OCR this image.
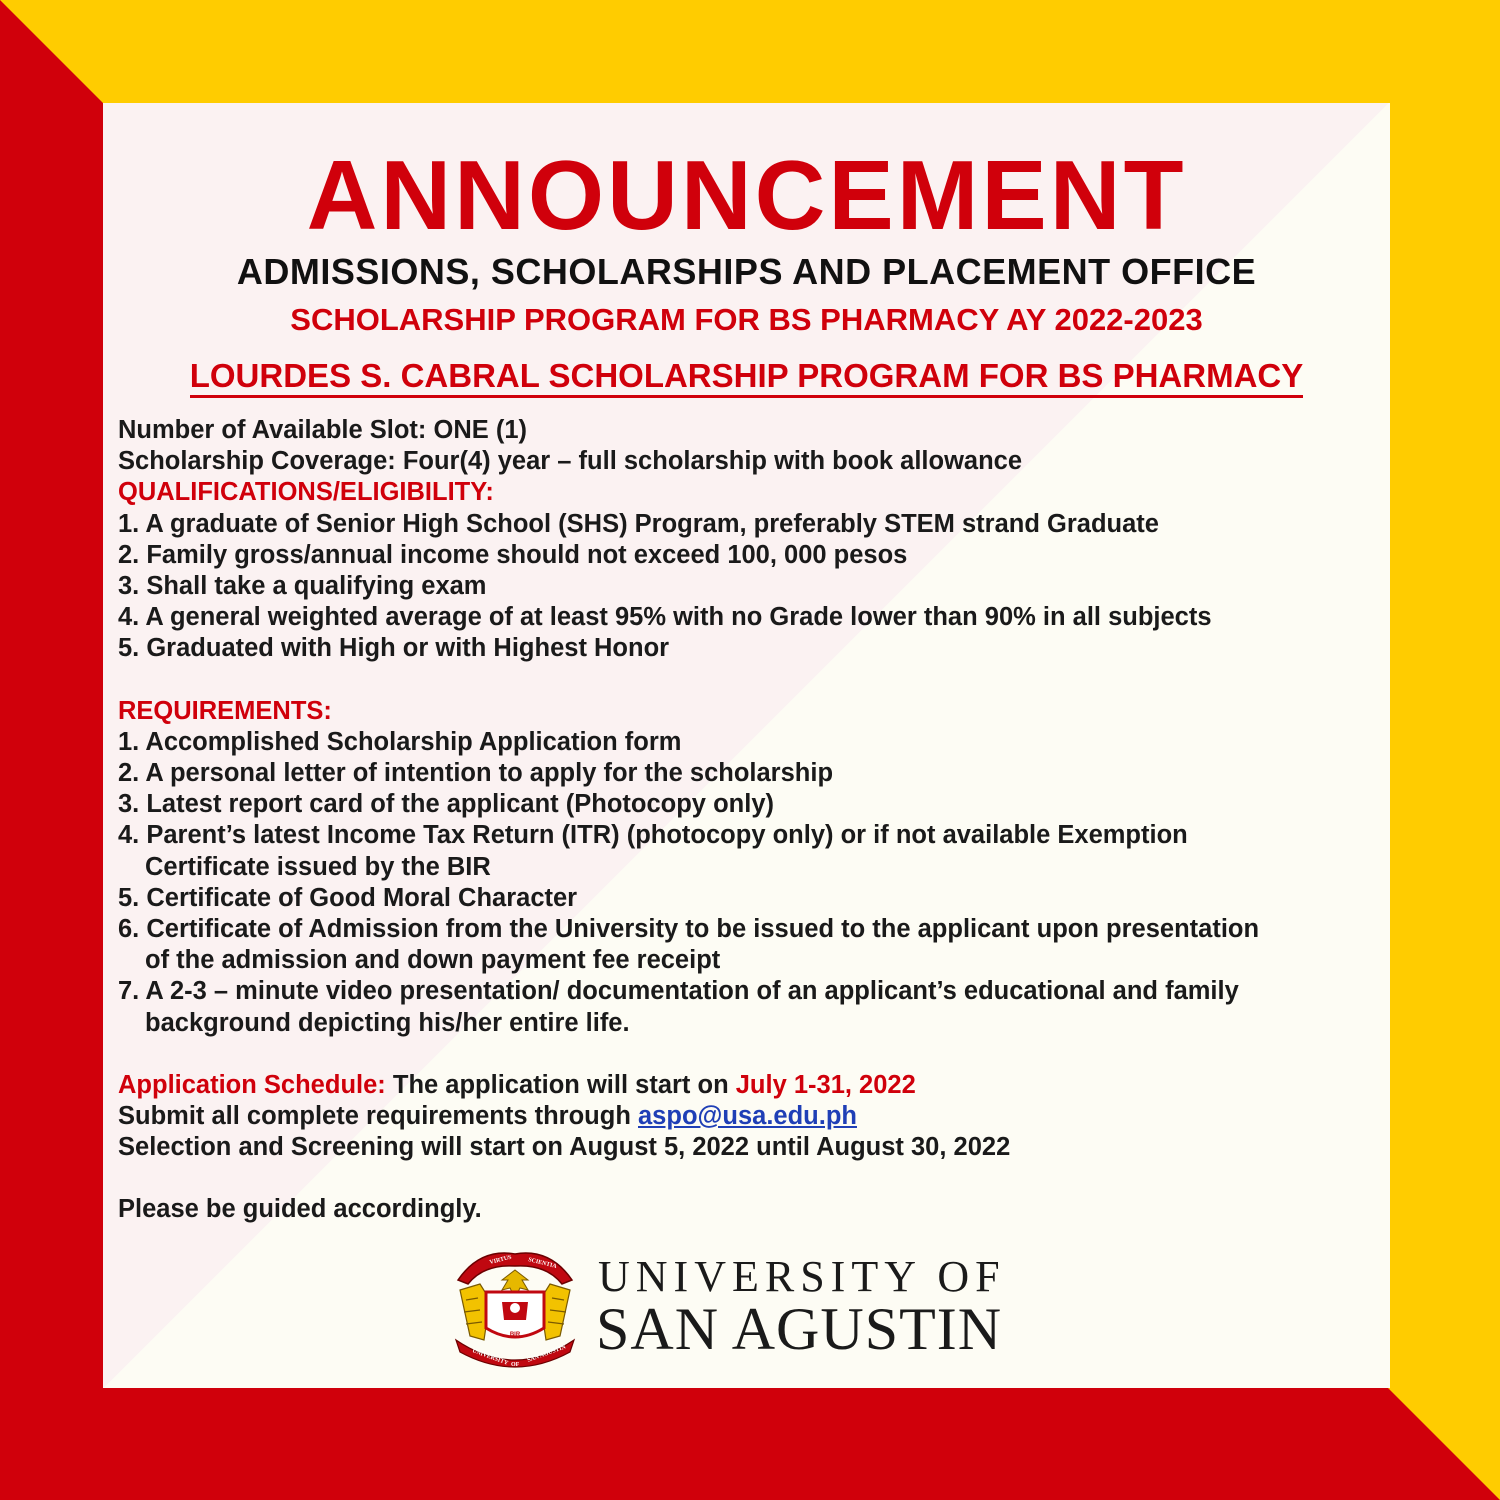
ANNOUNCEMENT
ADMISSIONS, SCHOLARSHIPS AND PLACEMENT OFFICE
SCHOLARSHIP PROGRAM FOR BS PHARMACY AY 2022-2023
LOURDES S. CABRAL SCHOLARSHIP PROGRAM FOR BS PHARMACY
Number of Available Slot: ONE (1)
Scholarship Coverage: Four(4) year – full scholarship with book allowance
QUALIFICATIONS/ELIGIBILITY:
1. A graduate of Senior High School (SHS) Program, preferably STEM strand Graduate
2. Family gross/annual income should not exceed 100, 000 pesos
3. Shall take a qualifying exam
4. A general weighted average of at least 95% with no Grade lower than 90% in all subjects
5. Graduated with High or with Highest Honor
REQUIREMENTS:
1. Accomplished Scholarship Application form
2. A personal letter of intention to apply for the scholarship
3. Latest report card of the applicant (Photocopy only)
4. Parent’s latest Income Tax Return (ITR) (photocopy only) or if not available Exemption
Certificate issued by the BIR
5. Certificate of Good Moral Character
6. Certificate of Admission from the University to be issued to the applicant upon presentation
of the admission and down payment fee receipt
7. A 2-3 – minute video presentation/ documentation of an applicant’s educational and family
background depicting his/her entire life.
Application Schedule: The application will start on July 1-31, 2022
Submit all complete requirements through aspo@usa.edu.ph
Selection and Screening will start on August 5, 2022 until August 30, 2022
Please be guided accordingly.
VIRTUS	SCIENTIA
BIR
UNIVERSITY OF
SAN AGUSTIN
UNIVERSITY OF
SAN AGUSTIN
